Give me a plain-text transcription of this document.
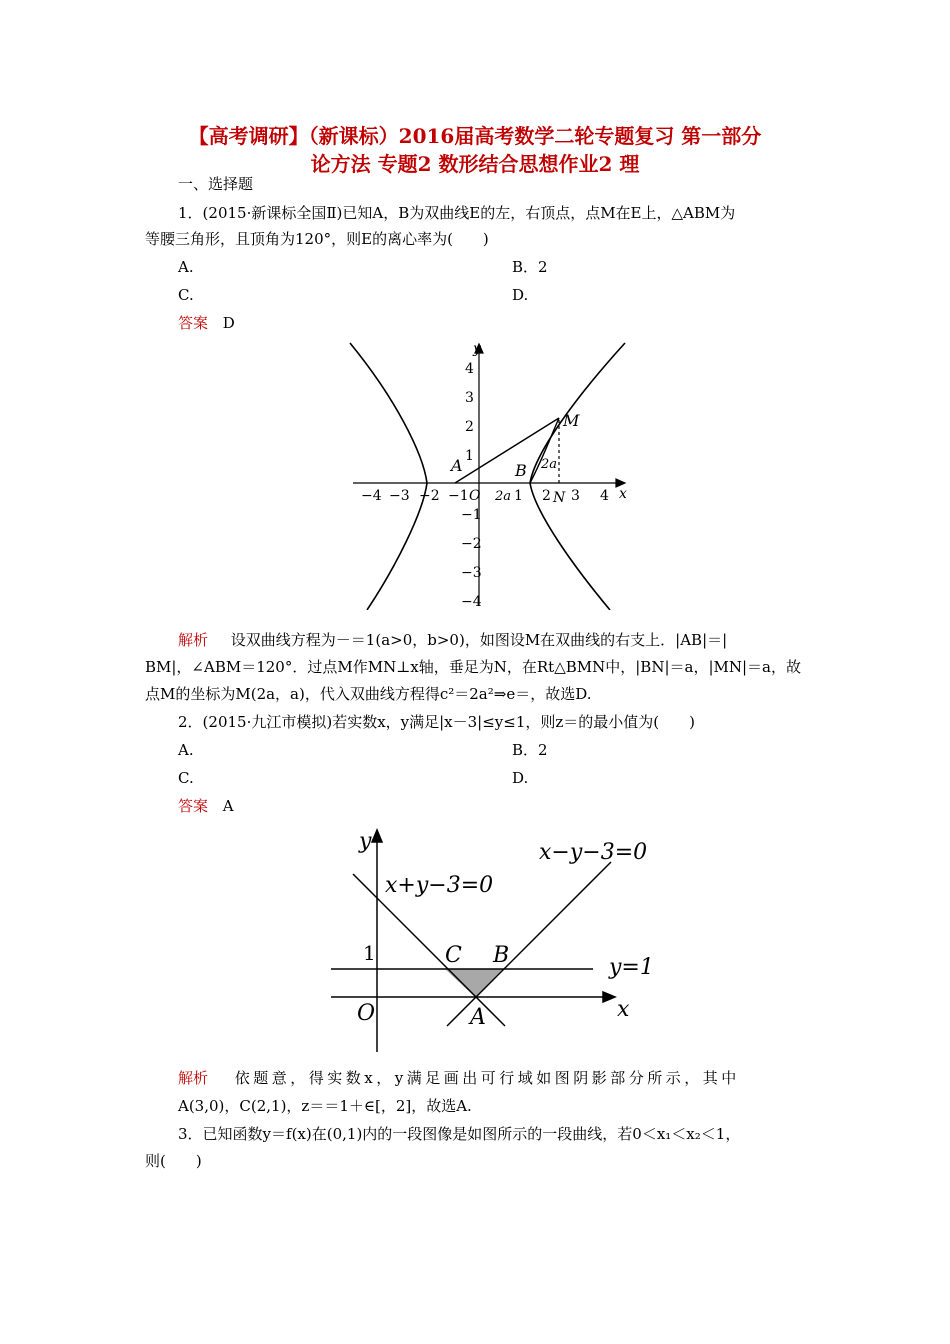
【高考调研】（新课标）2016届高考数学二轮专题复习 第一部分
论方法 专题2 数形结合思想作业2 理
一、选择题
1．(2015·新课标全国Ⅱ)已知A，B为双曲线E的左，右顶点，点M在E上，△ABM为
等腰三角形，且顶角为120°，则E的离心率为(　　)
A.	B．2
C.	D.
答案 D
y
x
A	B
M
2a
−4 −3 −2 −1 O 2a 1 2 N 3 4
4
3
2
1
−1
−2
−3
−4
解析 设双曲线方程为－＝1(a>0，b>0)，如图设M在双曲线的右支上．|AB|＝|
BM|，∠ABM＝120°．过点M作MN⊥x轴，垂足为N，在Rt△BMN中，|BN|＝a，|MN|＝a，故
点M的坐标为M(2a，a)，代入双曲线方程得c²＝2a²⇒e＝，故选D.
2．(2015·九江市模拟)若实数x，y满足|x－3|≤y≤1，则z＝的最小值为(　　)
A.	B．2
C.	D.
答案 A
y
x
O
C B
A
x+y−3=0
x−y−3=0
y=1
1
解析 依题意，得实数x，y满足画出可行域如图阴影部分所示，其中
A(3,0)，C(2,1)，z＝＝1＋∈[，2]，故选A.
3．已知函数y＝f(x)在(0,1)内的一段图像是如图所示的一段曲线，若0＜x₁＜x₂＜1，
则(　　)
